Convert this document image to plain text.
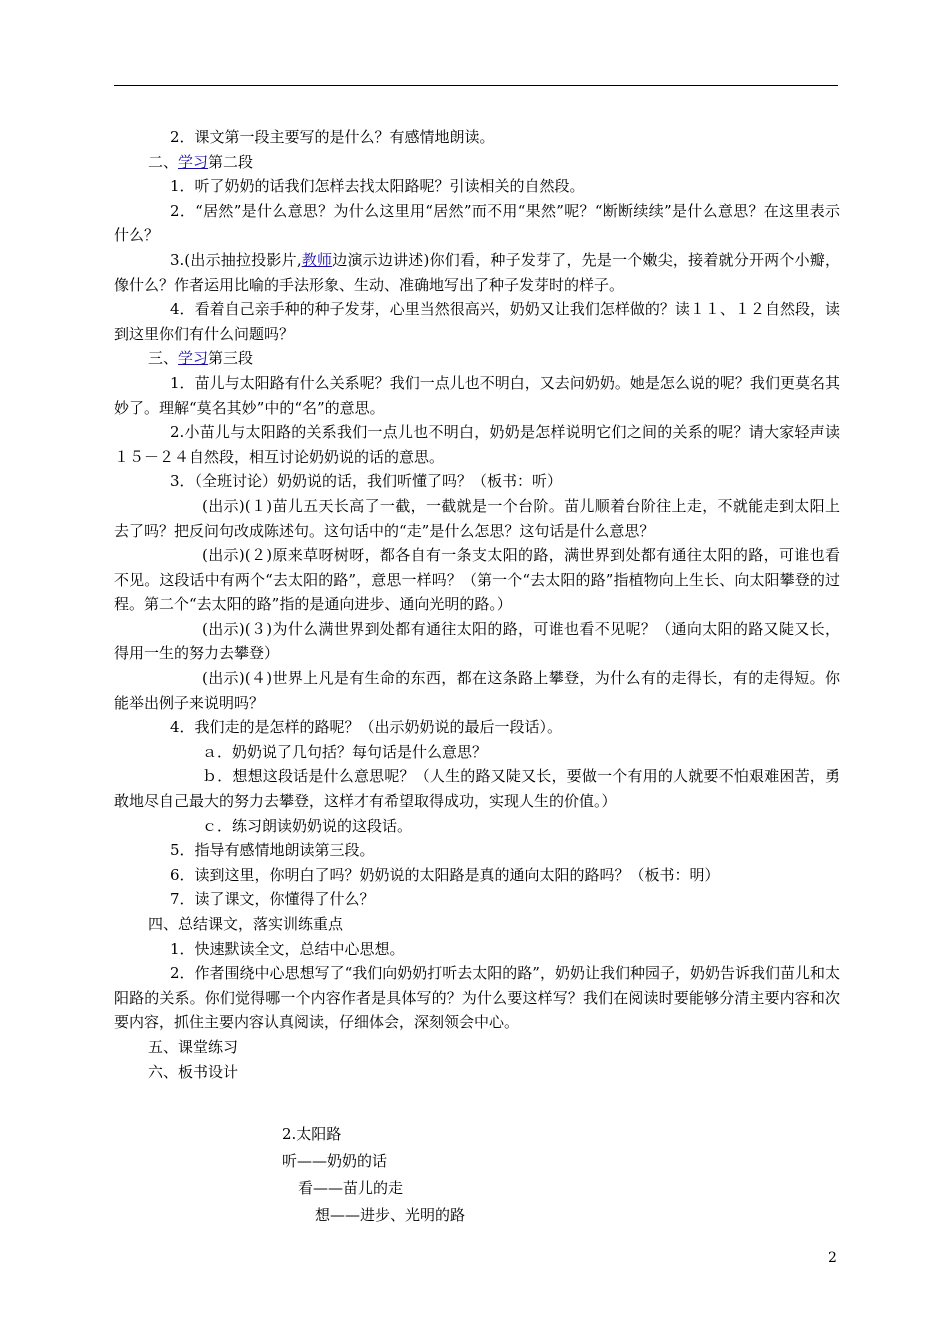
2．课文第一段主要写的是什么？有感情地朗读。

二、学习第二段

1．听了奶奶的话我们怎样去找太阳路呢？引读相关的自然段。

2．“居然”是什么意思？为什么这里用“居然”而不用“果然”呢？“断断续续”是什么意思？在这里表示什么？

3.(出示抽拉投影片,教师边演示边讲述)你们看，种子发芽了，先是一个嫩尖，接着就分开两个小瓣，像什么？作者运用比喻的手法形象、生动、准确地写出了种子发芽时的样子。

4．看着自己亲手种的种子发芽，心里当然很高兴，奶奶又让我们怎样做的？读１１、１２自然段，读到这里你们有什么问题吗？

三、学习第三段

1．苗儿与太阳路有什么关系呢？我们一点儿也不明白，又去问奶奶。她是怎么说的呢？我们更莫名其妙了。理解“莫名其妙”中的“名”的意思。

2.小苗儿与太阳路的关系我们一点儿也不明白，奶奶是怎样说明它们之间的关系的呢？请大家轻声读１５－２４自然段，相互讨论奶奶说的话的意思。

3．（全班讨论）奶奶说的话，我们听懂了吗？（板书：听）

(出示)(１)苗儿五天长高了一截，一截就是一个台阶。苗儿顺着台阶往上走，不就能走到太阳上去了吗？把反问句改成陈述句。这句话中的“走”是什么怎思？这句话是什么意思？

(出示)(２)原来草呀树呀，都各自有一条支太阳的路，满世界到处都有通往太阳的路，可谁也看不见。这段话中有两个“去太阳的路”，意思一样吗？（第一个“去太阳的路”指植物向上生长、向太阳攀登的过程。第二个“去太阳的路”指的是通向进步、通向光明的路。）

(出示)(３)为什么满世界到处都有通往太阳的路，可谁也看不见呢？（通向太阳的路又陡又长，得用一生的努力去攀登）

(出示)(４)世界上凡是有生命的东西，都在这条路上攀登，为什么有的走得长，有的走得短。你能举出例子来说明吗？

4．我们走的是怎样的路呢？（出示奶奶说的最后一段话）。

ａ．奶奶说了几句括？每句话是什么意思？

ｂ．想想这段话是什么意思呢？（人生的路又陡又长，要做一个有用的人就要不怕艰难困苦，勇敢地尽自己最大的努力去攀登，这样才有希望取得成功，实现人生的价值。）

ｃ．练习朗读奶奶说的这段话。

5．指导有感情地朗读第三段。

6．读到这里，你明白了吗？奶奶说的太阳路是真的通向太阳的路吗？（板书：明）

7．读了课文，你懂得了什么？

四、总结课文，落实训练重点

1．快速默读全文，总结中心思想。

2．作者围绕中心思想写了“我们向奶奶打听去太阳的路”，奶奶让我们种园子，奶奶告诉我们苗儿和太阳路的关系。你们觉得哪一个内容作者是具体写的？为什么要这样写？我们在阅读时要能够分清主要内容和次要内容，抓住主要内容认真阅读，仔细体会，深刻领会中心。

五、课堂练习

六、板书设计

2.太阳路
听——奶奶的话
看——苗儿的走
想——进步、光明的路
2
